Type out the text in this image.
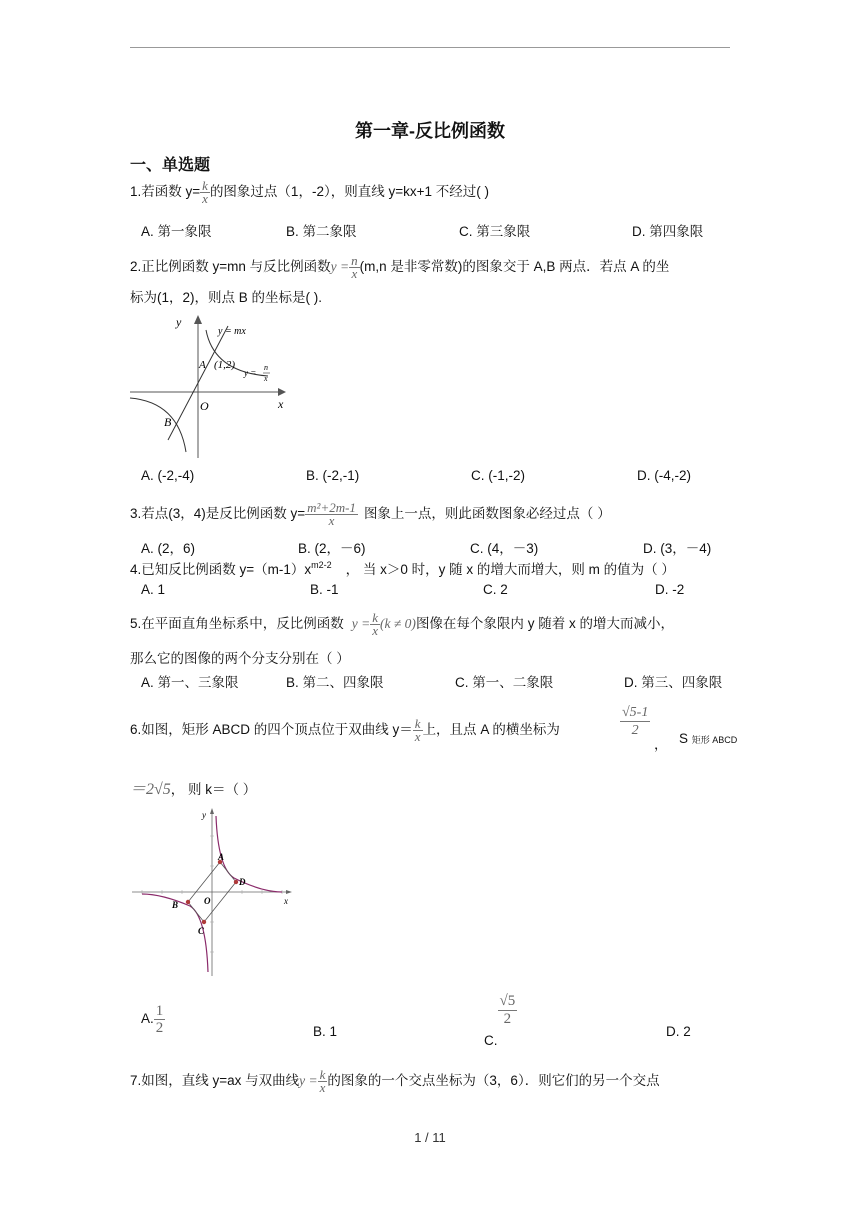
第一章-反比例函数
一、单选题
1.若函数 $y= \frac{k}{x}$ 的图象过点（1，-2），则直线 y=kx+1 不经过( )
A. 第一象限	B. 第二象限	C. 第三象限	D. 第四象限
2.正比例函数 y=mn 与反比例函数$y = \frac{n}{x} (m,n$ 是非零常数)的图象交于 A,B 两点．若点 A 的坐
标为(1，2)，则点 B 的坐标是( ).
y
x
O
y = mx
A (1,2)
y =
n
x
B
A. (-2,-4)	B. (-2,-1)	C. (-1,-2)	D. (-4,-2)
3.若点(3，4)是反比例函数 $y= \frac{\text{m²+2m-1}}{x}$ 图象上一点，则此函数图象必经过点（ ）
A. (2，6)	B. (2，－6)	C. (4，－3)	D. (3，－4)
4.已知反比例函数 $y=(m-1)x^{m2-2}$ ， 当 x＞0 时，y 随 x 的增大而增大，则 m 的值为（ ）
A. 1	B. -1	C. 2	D. -2
5.在平面直角坐标系中，反比例函数 $y = \frac{k}{x} (k \ne 0)$图像在每个象限内 y 随着 x 的增大而减小，
那么它的图像的两个分支分别在（ ）
A. 第一、三象限	B. 第二、四象限	C. 第一、二象限	D. 第三、四象限
6.如图，矩形 ABCD 的四个顶点位于双曲线 $y= \frac{k}{x}$ 上，且点 A 的横坐标为	$\frac{√5-1}{2}$
， S 矩形 ABCD
＝2√5， 则 k＝（ ）
y
x
O
A
D
B
C
A. $\frac{1}{2}$	B. 1
C.
$\frac{√5}{2}$
D. 2
7.如图，直线 y=ax 与双曲线$y = \frac{k}{x}$ 的图象的一个交点坐标为（3，6）．则它们的另一个交点
1 / 11
